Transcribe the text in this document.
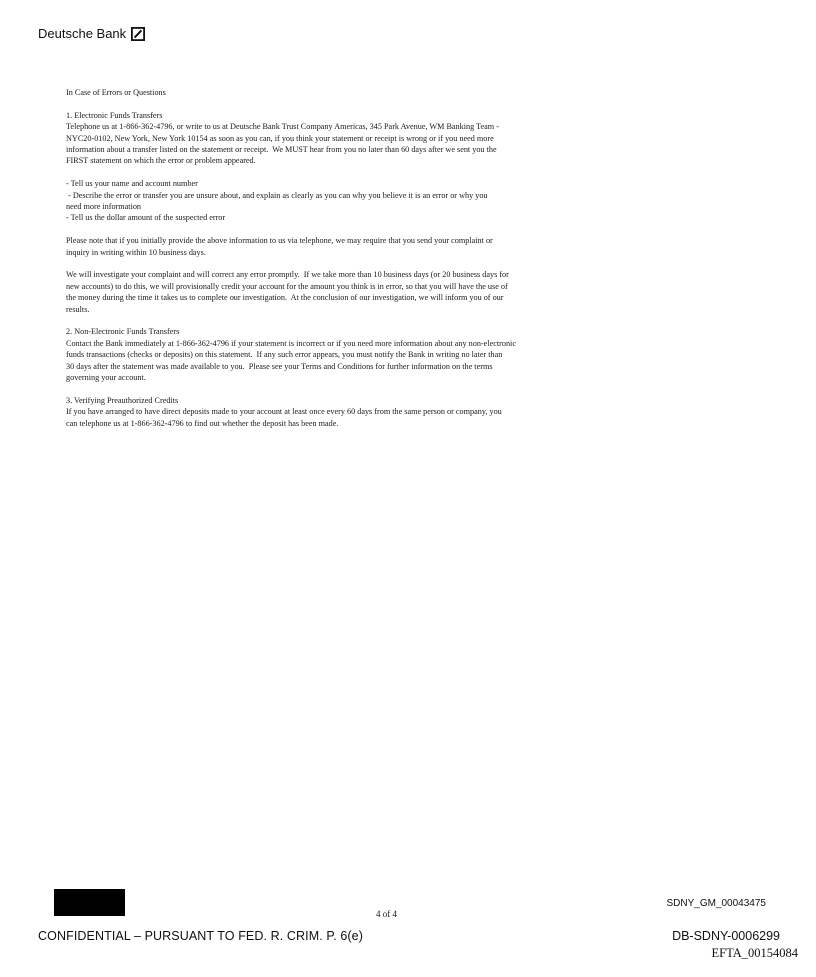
Deutsche Bank
In Case of Errors or Questions
1. Electronic Funds Transfers
Telephone us at 1-866-362-4796, or write to us at Deutsche Bank Trust Company Americas, 345 Park Avenue, WM Banking Team -
NYC20-0102, New York, New York 10154 as soon as you can, if you think your statement or receipt is wrong or if you need more
information about a transfer listed on the statement or receipt.  We MUST hear from you no later than 60 days after we sent you the
FIRST statement on which the error or problem appeared.
- Tell us your name and account number
- Describe the error or transfer you are unsure about, and explain as clearly as you can why you believe it is an error or why you
need more information
- Tell us the dollar amount of the suspected error
Please note that if you initially provide the above information to us via telephone, we may require that you send your complaint or
inquiry in writing within 10 business days.
We will investigate your complaint and will correct any error promptly.  If we take more than 10 business days (or 20 business days for
new accounts) to do this, we will provisionally credit your account for the amount you think is in error, so that you will have the use of
the money during the time it takes us to complete our investigation.  At the conclusion of our investigation, we will inform you of our
results.
2. Non-Electronic Funds Transfers
Contact the Bank immediately at 1-866-362-4796 if your statement is incorrect or if you need more information about any non-electronic
funds transactions (checks or deposits) on this statement.  If any such error appears, you must notify the Bank in writing no later than
30 days after the statement was made available to you.  Please see your Terms and Conditions for further information on the terms
governing your account.
3. Verifying Preauthorized Credits
If you have arranged to have direct deposits made to your account at least once every 60 days from the same person or company, you
can telephone us at 1-866-362-4796 to find out whether the deposit has been made.
4 of 4
SDNY_GM_00043475
CONFIDENTIAL – PURSUANT TO FED. R. CRIM. P. 6(e)	DB-SDNY-0006299
EFTA_00154084
